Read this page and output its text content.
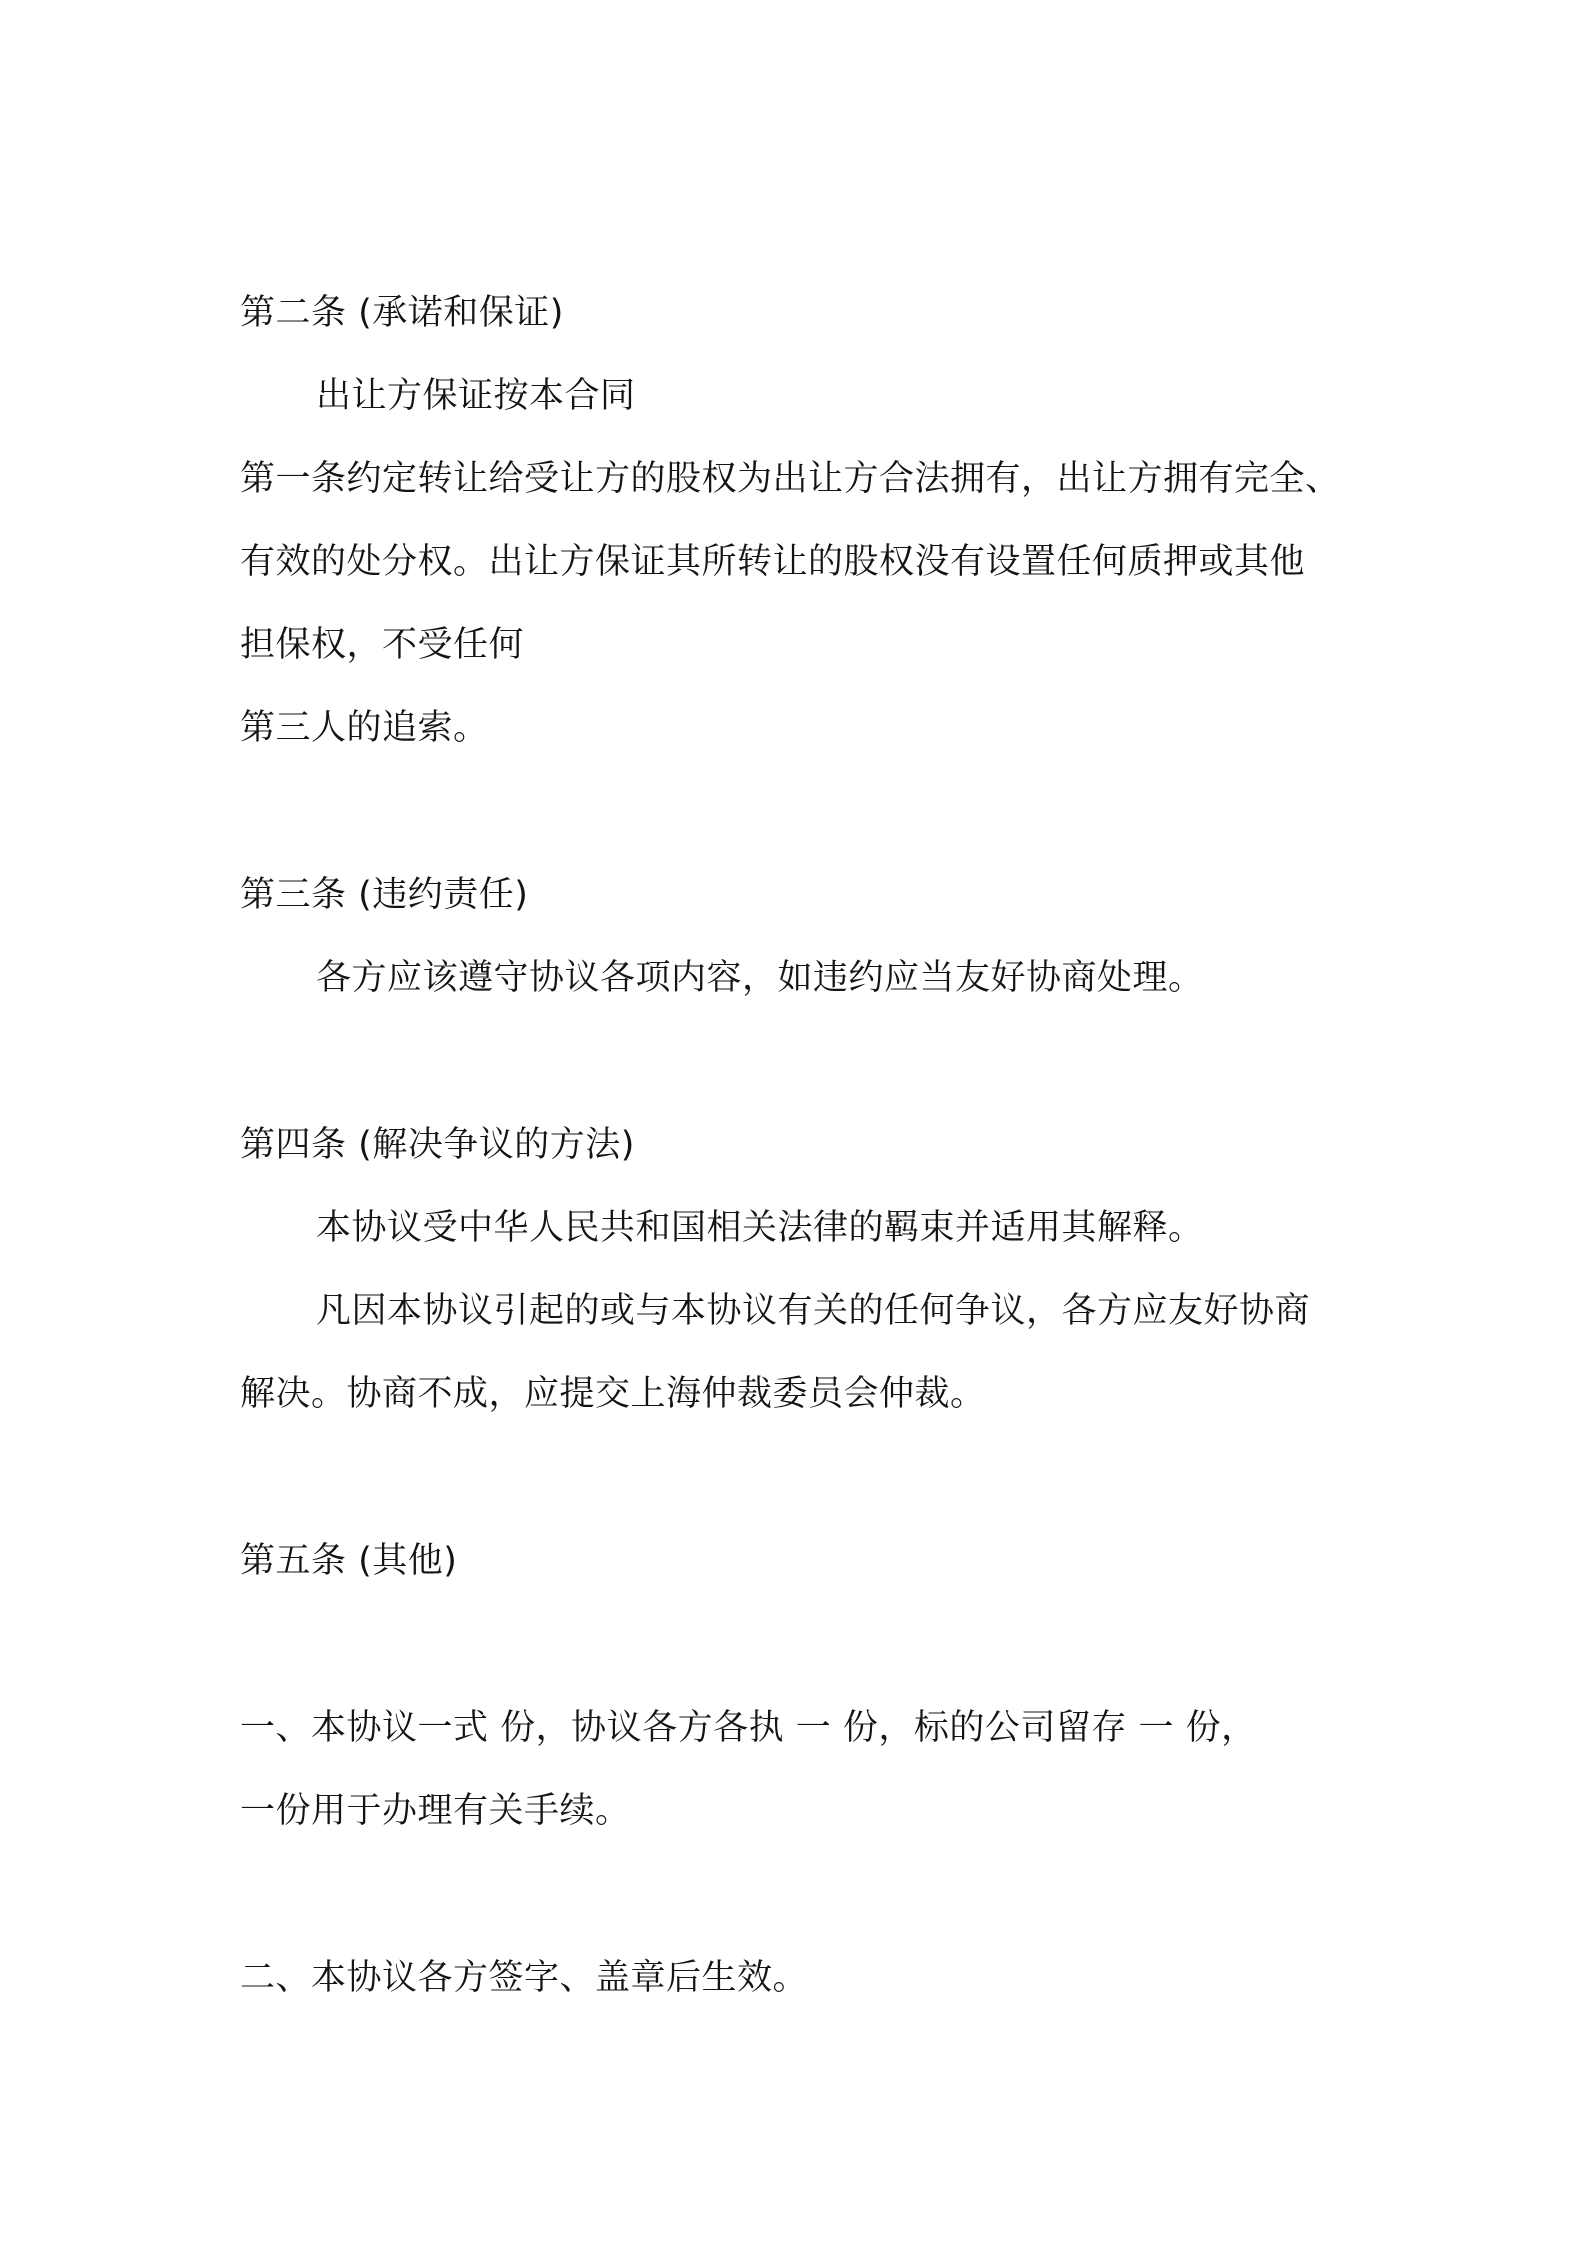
第二条 (承诺和保证)
出让方保证按本合同
第一条约定转让给受让方的股权为出让方合法拥有，出让方拥有完全、
有效的处分权。出让方保证其所转让的股权没有设置任何质押或其他
担保权，不受任何
第三人的追索。
第三条 (违约责任)
各方应该遵守协议各项内容，如违约应当友好协商处理。
第四条 (解决争议的方法)
本协议受中华人民共和国相关法律的羁束并适用其解释。
凡因本协议引起的或与本协议有关的任何争议，各方应友好协商
解决。协商不成，应提交上海仲裁委员会仲裁。
第五条 (其他)
一、本协议一式 份，协议各方各执 一 份，标的公司留存 一 份，
一份用于办理有关手续。
二、本协议各方签字、盖章后生效。
